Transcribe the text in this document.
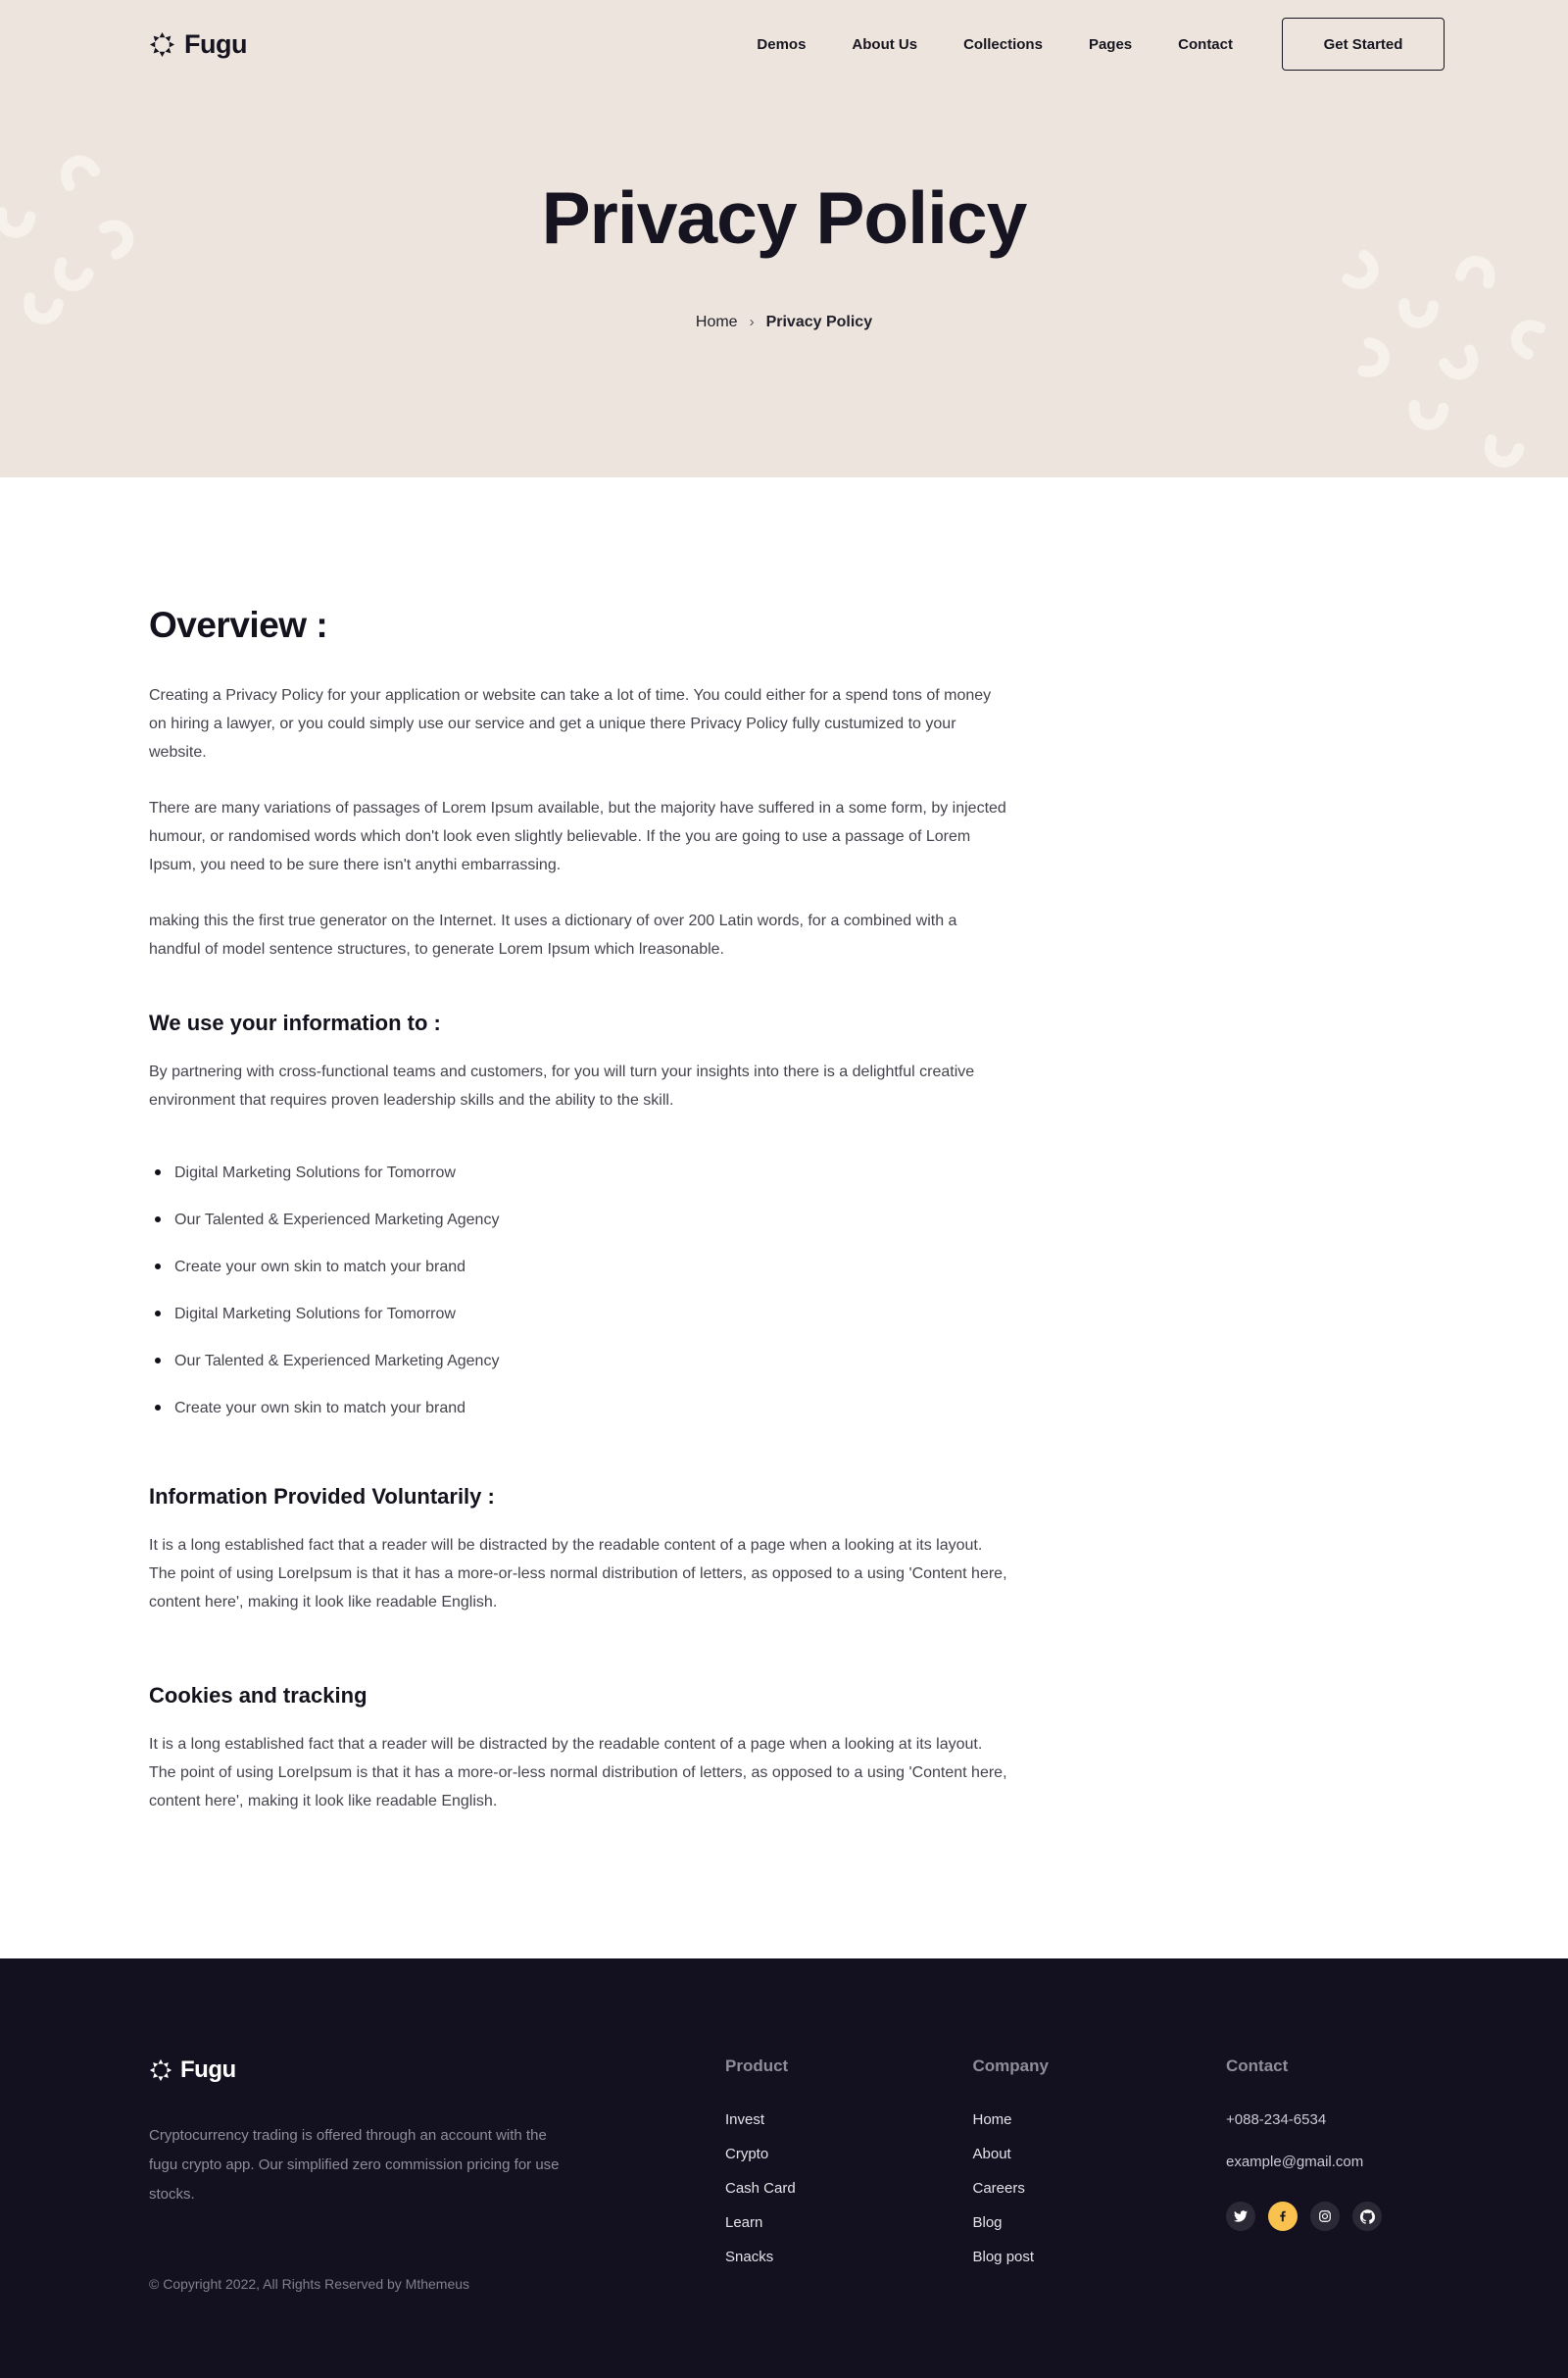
Fugu	Demos	About Us	Collections	Pages	Contact	Get Started
Privacy Policy
Home › Privacy Policy
Overview :

Creating a Privacy Policy for your application or website can take a lot of time. You could either for a spend tons of money on hiring a lawyer, or you could simply use our service and get a unique there Privacy Policy fully custumized to your website.

There are many variations of passages of Lorem Ipsum available, but the majority have suffered in a some form, by injected humour, or randomised words which don't look even slightly believable. If the you are going to use a passage of Lorem Ipsum, you need to be sure there isn't anythi embarrassing.

making this the first true generator on the Internet. It uses a dictionary of over 200 Latin words, for a combined with a handful of model sentence structures, to generate Lorem Ipsum which lreasonable.

We use your information to :

By partnering with cross-functional teams and customers, for you will turn your insights into there is a delightful creative environment that requires proven leadership skills and the ability to the skill.

Digital Marketing Solutions for Tomorrow
Our Talented & Experienced Marketing Agency
Create your own skin to match your brand
Digital Marketing Solutions for Tomorrow
Our Talented & Experienced Marketing Agency
Create your own skin to match your brand
Information Provided Voluntarily :

It is a long established fact that a reader will be distracted by the readable content of a page when a looking at its layout. The point of using LoreIpsum is that it has a more-or-less normal distribution of letters, as opposed to a using 'Content here, content here', making it look like readable English.

Cookies and tracking

It is a long established fact that a reader will be distracted by the readable content of a page when a looking at its layout. The point of using LoreIpsum is that it has a more-or-less normal distribution of letters, as opposed to a using 'Content here, content here', making it look like readable English.

Fugu

Cryptocurrency trading is offered through an account with the fugu crypto app. Our simplified zero commission pricing for use stocks.

© Copyright 2022, All Rights Reserved by Mthemeus

Product
Invest
Crypto
Cash Card
Learn
Snacks
Company
Home
About
Careers
Blog
Blog post
Contact
+088-234-6534
example@gmail.com
